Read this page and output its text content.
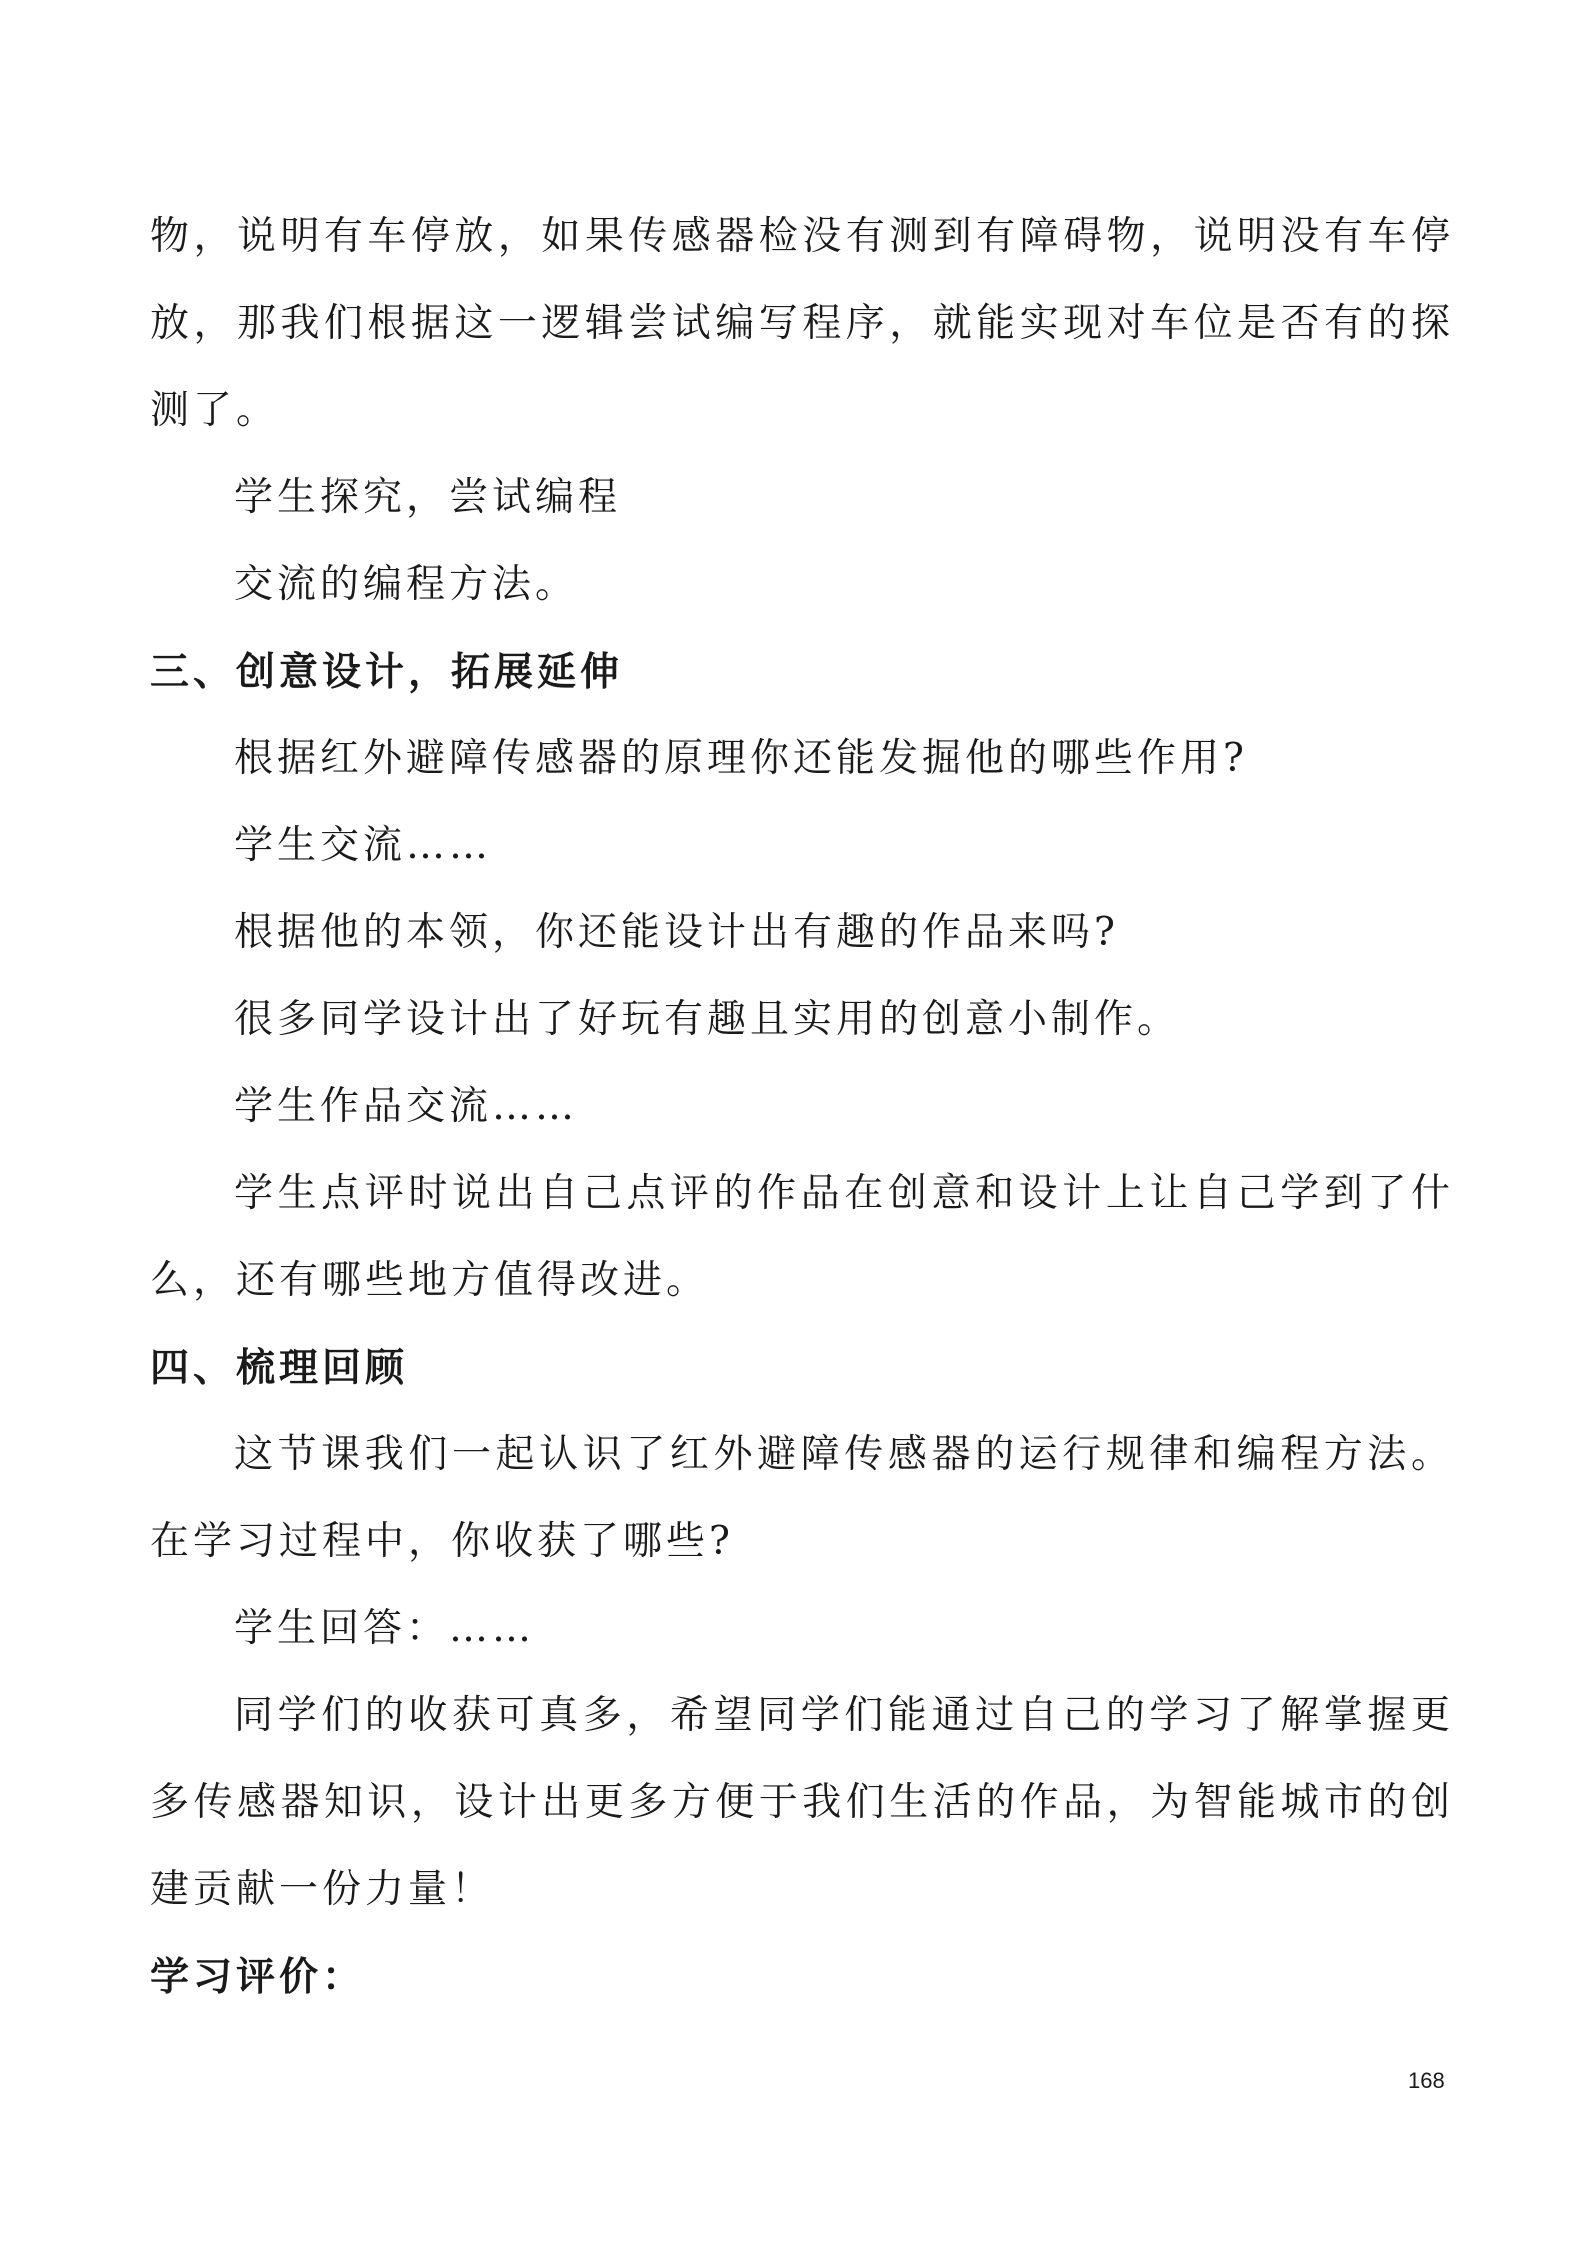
物，说明有车停放，如果传感器检没有测到有障碍物，说明没有车停
放，那我们根据这一逻辑尝试编写程序，就能实现对车位是否有的探
测了。
学生探究，尝试编程
交流的编程方法。
三、创意设计，拓展延伸
根据红外避障传感器的原理你还能发掘他的哪些作用?
学生交流……
根据他的本领，你还能设计出有趣的作品来吗?
很多同学设计出了好玩有趣且实用的创意小制作。
学生作品交流……
学生点评时说出自己点评的作品在创意和设计上让自己学到了什
么，还有哪些地方值得改进。
四、梳理回顾
这节课我们一起认识了红外避障传感器的运行规律和编程方法。
在学习过程中，你收获了哪些?
学生回答：……
同学们的收获可真多，希望同学们能通过自己的学习了解掌握更
多传感器知识，设计出更多方便于我们生活的作品，为智能城市的创
建贡献一份力量！
学习评价：
168
